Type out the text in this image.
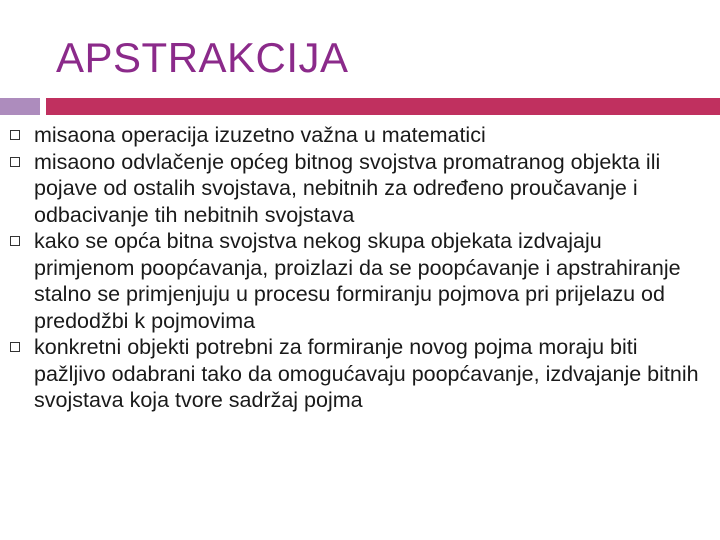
APSTRAKCIJA
misaona operacija izuzetno važna u matematici
misaono odvlačenje općeg bitnog svojstva promatranog objekta ili pojave od ostalih svojstava, nebitnih za određeno proučavanje i odbacivanje tih nebitnih svojstava
kako se opća bitna svojstva nekog skupa objekata izdvajaju primjenom poopćavanja, proizlazi da se poopćavanje i apstrahiranje stalno se primjenjuju u procesu formiranju pojmova pri prijelazu od predodžbi k pojmovima
konkretni objekti potrebni za formiranje novog pojma moraju biti pažljivo odabrani tako da omogućavaju poopćavanje, izdvajanje bitnih svojstava koja tvore sadržaj pojma
